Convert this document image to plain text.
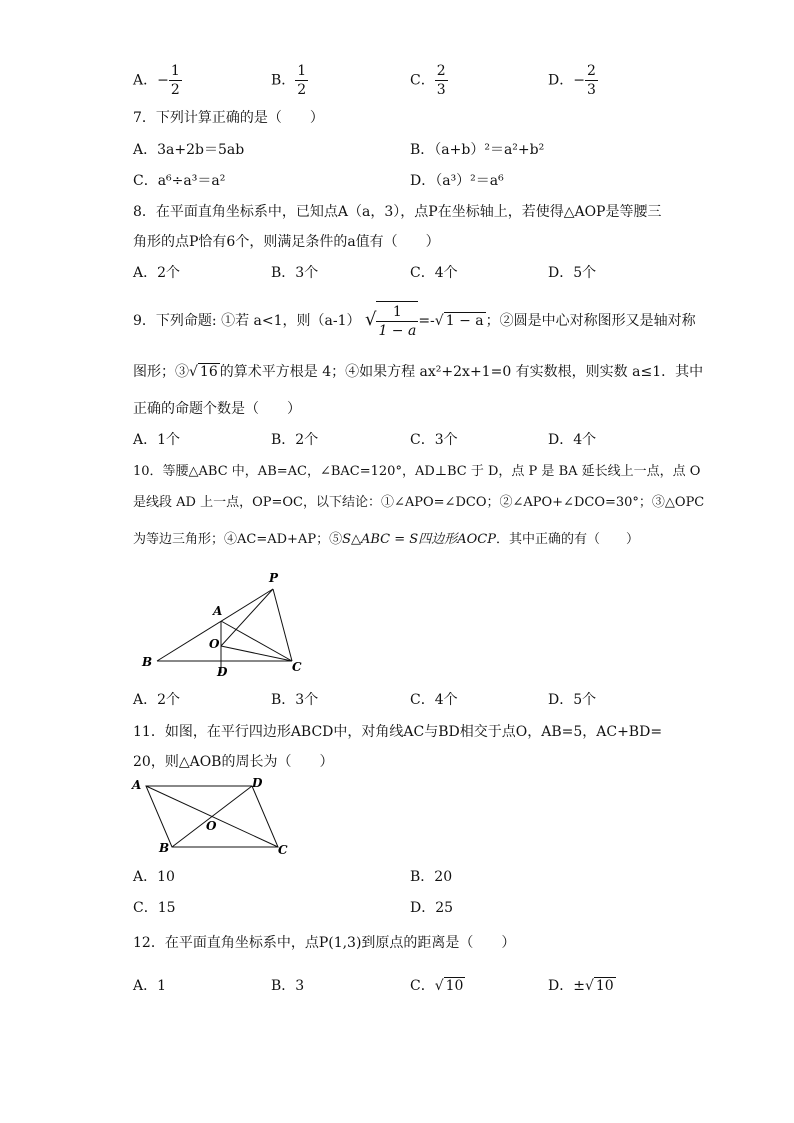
A．− $\frac{1}{2}$	B． $\frac{1}{2}$	C． $\frac{2}{3}$	D．− $\frac{2}{3}$
7．下列计算正确的是（　　）
A．3a+2b＝5ab	B．（a+b）²＝a²+b²
C．a⁶÷a³＝a²	D．（a³）²＝a⁶
8．在平面直角坐标系中，已知点A（a，3），点P在坐标轴上，若使得△AOP是等腰三
角形的点P恰有6个，则满足条件的a值有（　　）
A．2个	B．3个	C．4个	D．5个
9．下列命题: ①若 a<1，则（a-1） √ $\frac{1}{1 - a}$ =-√ 1 − a ；②圆是中心对称图形又是轴对称
图形；③√ 16 的算术平方根是 4；④如果方程 ax²+2x+1=0 有实数根，则实数 a≤1．其中
正确的命题个数是（　　）
A．1个	B．2个	C．3个	D．4个
10．等腰△ABC 中，AB=AC，∠BAC=120°，AD⊥BC 于 D，点 P 是 BA 延长线上一点，点 O
是线段 AD 上一点，OP=OC，以下结论：①∠APO=∠DCO；②∠APO+∠DCO=30°；③△OPC
为等边三角形；④AC=AD+AP；⑤S△ABC = S四边形AOCP．其中正确的有（　　）
P
A
O
B
D	C
A．2个	B．3个	C．4个	D．5个
11．如图，在平行四边形ABCD中，对角线AC与BD相交于点O，AB=5，AC+BD=
20，则△AOB的周长为（　　）
A	D
O
B	C
A．10	B．20
C．15	D．25
12．在平面直角坐标系中，点P(1,3)到原点的距离是（　　）
A．1	B．3	C．√ 10	D．±√ 10
